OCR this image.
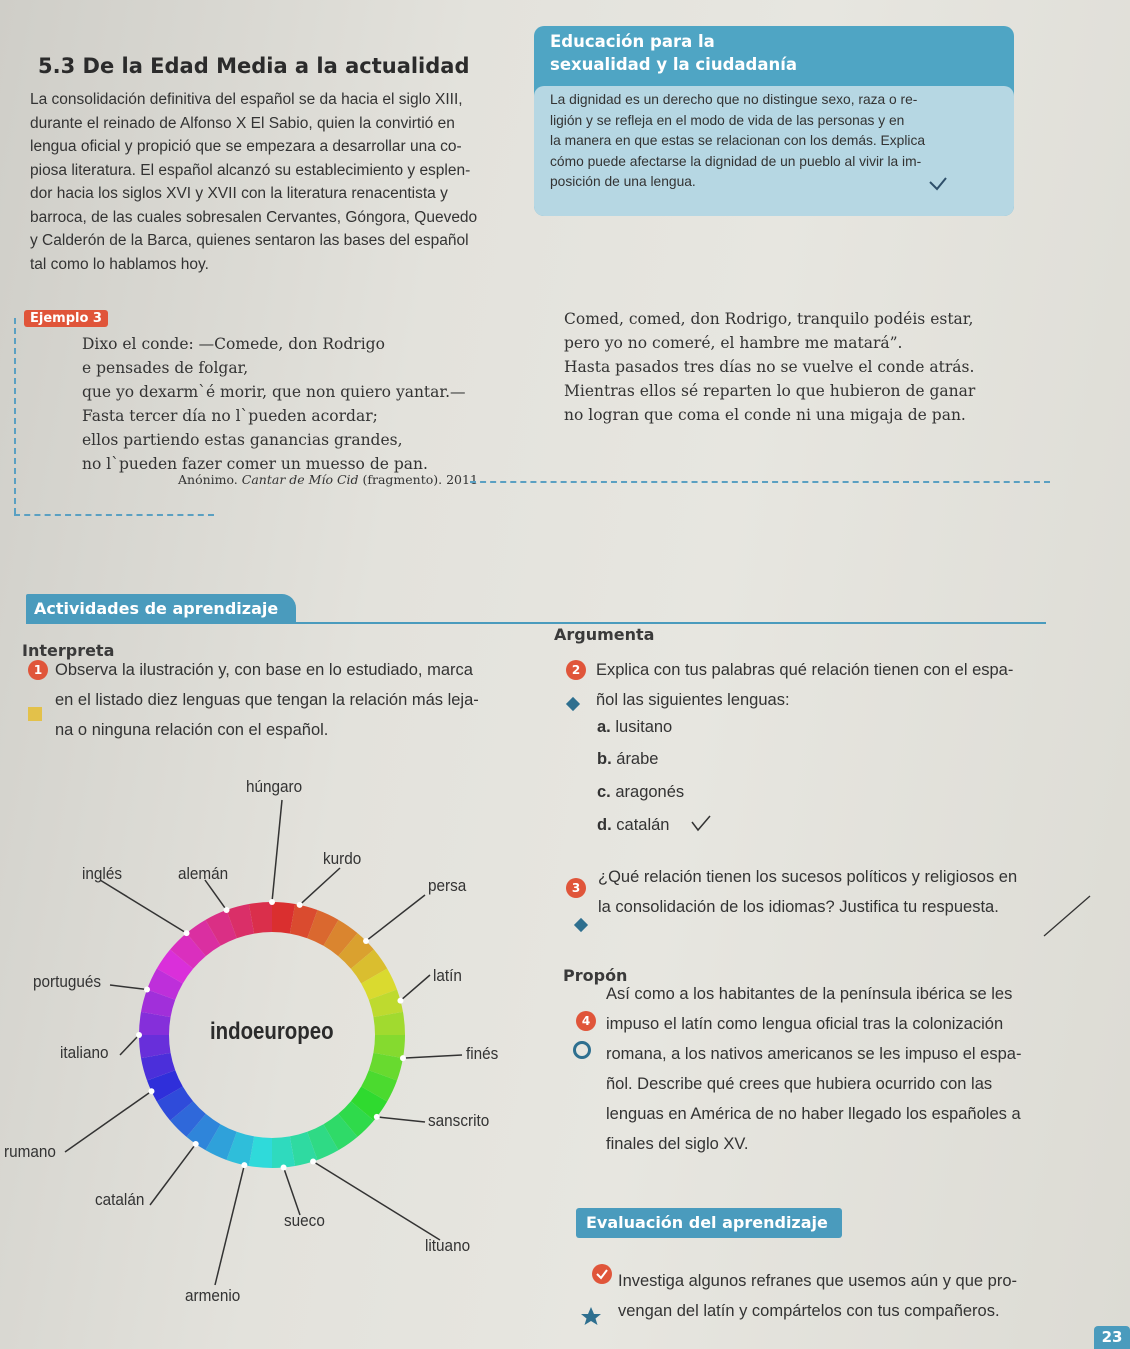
5.3 De la Edad Media a la actualidad
La consolidación definitiva del español se da hacia el siglo XIII,
durante el reinado de Alfonso X El Sabio, quien la convirtió en
lengua oficial y propició que se empezara a desarrollar una co-
piosa literatura. El español alcanzó su establecimiento y esplen-
dor hacia los siglos XVI y XVII con la literatura renacentista y
barroca, de las cuales sobresalen Cervantes, Góngora, Quevedo
y Calderón de la Barca, quienes sentaron las bases del español
tal como lo hablamos hoy.
Educación para la
sexualidad y la ciudadanía
La dignidad es un derecho que no distingue sexo, raza o re-
ligión y se refleja en el modo de vida de las personas y en
la manera en que estas se relacionan con los demás. Explica
cómo puede afectarse la dignidad de un pueblo al vivir la im-
posición de una lengua.
Ejemplo 3
Dixo el conde: —Comede, don Rodrigo
e pensades de folgar,
que yo dexarm`é morir, que non quiero yantar.—
Fasta tercer día no l`pueden acordar;
ellos partiendo estas ganancias grandes,
no l`pueden fazer comer un muesso de pan.
Comed, comed, don Rodrigo, tranquilo podéis estar,
pero yo no comeré, el hambre me matará”.
Hasta pasados tres días no se vuelve el conde atrás.
Mientras ellos sé reparten lo que hubieron de ganar
no logran que coma el conde ni una migaja de pan.
Anónimo. Cantar de Mío Cid (fragmento). 2011
Actividades de aprendizaje
Interpreta
1 Observa la ilustración y, con base en lo estudiado, marca
en el listado diez lenguas que tengan la relación más leja-
na o ninguna relación con el español.
Argumenta
2 Explica con tus palabras qué relación tienen con el espa-
ñol las siguientes lenguas:
a. lusitano
b. árabe
c. aragonés
d. catalán
3
¿Qué relación tienen los sucesos políticos y religiosos en
la consolidación de los idiomas? Justifica tu respuesta.
Propón
4
Así como a los habitantes de la península ibérica se les
impuso el latín como lengua oficial tras la colonización
romana, a los nativos americanos se les impuso el espa-
ñol. Describe qué crees que hubiera ocurrido con las
lenguas en América de no haber llegado los españoles a
finales del siglo XV.
Evaluación del aprendizaje
Investiga algunos refranes que usemos aún y que pro-
vengan del latín y compártelos con tus compañeros.
23
indoeuropeo
húngaro
kurdo
persa
latín
finés
sanscrito
lituano
armenio
sueco
catalán
rumano
italiano
portugués
inglés	alemán
